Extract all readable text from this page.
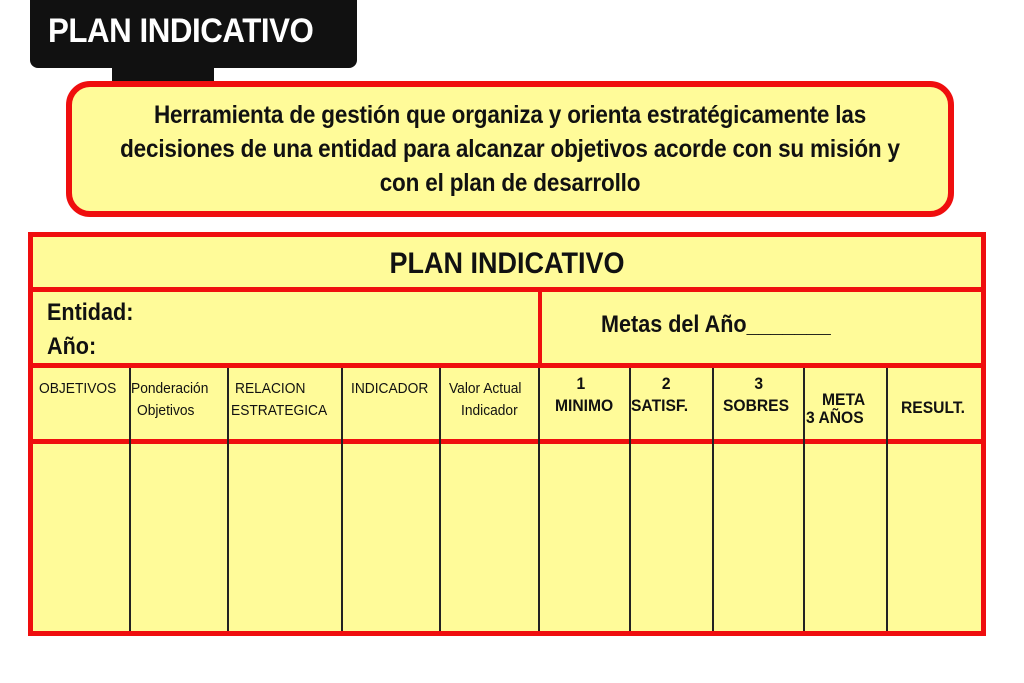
PLAN INDICATIVO
Herramienta de gestión que organiza y orienta estratégicamente las decisiones de una entidad para alcanzar objetivos acorde con su misión y con el plan de desarrollo
PLAN INDICATIVO
Entidad:
Año:
Metas del Año_______
OBJETIVOS Ponderación
Objetivos
RELACION
ESTRATEGICA
INDICADOR Valor Actual
Indicador
1
MINIMO
2
SATISF.
3
SOBRES META
3 AÑOS
RESULT.
